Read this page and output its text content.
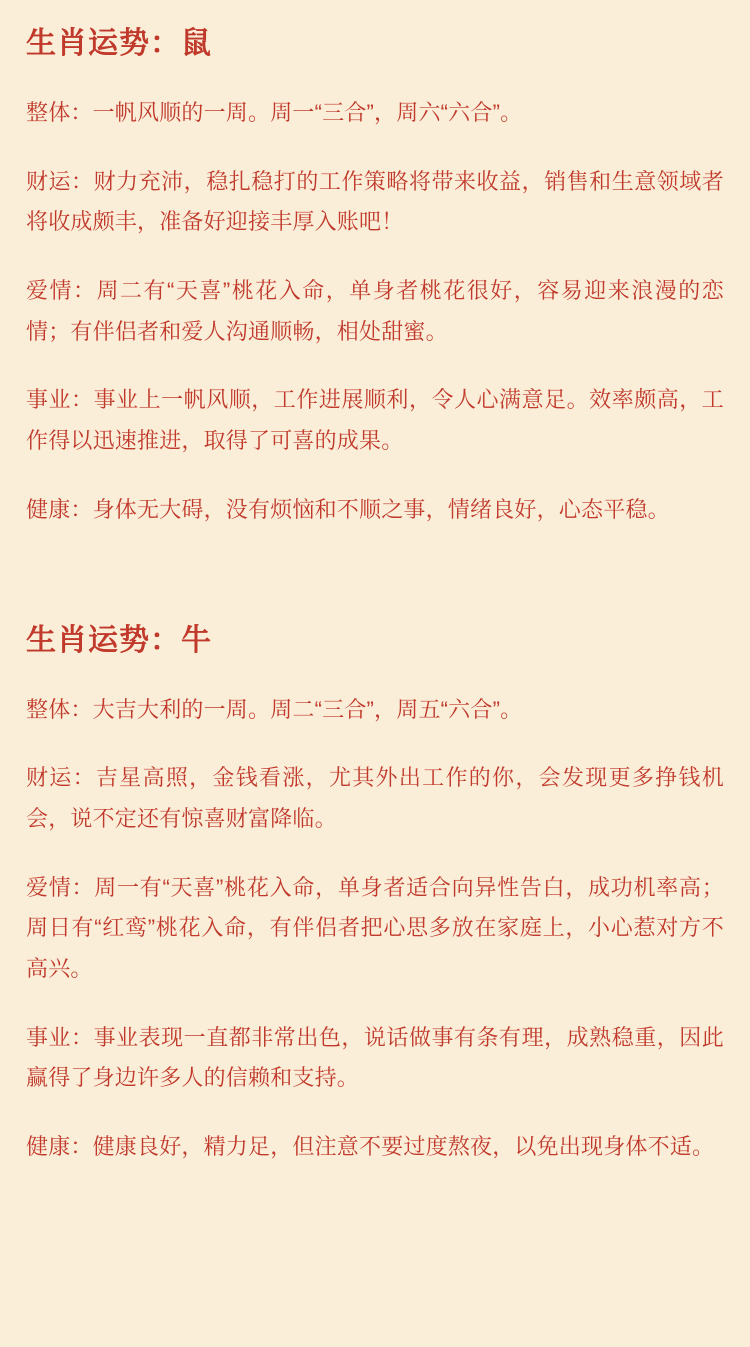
生肖运势：鼠

整体：一帆风顺的一周。周一“三合”，周六“六合”。

财运：财力充沛，稳扎稳打的工作策略将带来收益，销售和生意领域者将收成颇丰，准备好迎接丰厚入账吧！

爱情：周二有“天喜”桃花入命，单身者桃花很好，容易迎来浪漫的恋情；有伴侣者和爱人沟通顺畅，相处甜蜜。

事业：事业上一帆风顺，工作进展顺利，令人心满意足。效率颇高，工作得以迅速推进，取得了可喜的成果。

健康：身体无大碍，没有烦恼和不顺之事，情绪良好，心态平稳。

生肖运势：牛

整体：大吉大利的一周。周二“三合”，周五“六合”。

财运：吉星高照，金钱看涨，尤其外出工作的你，会发现更多挣钱机会，说不定还有惊喜财富降临。

爱情：周一有“天喜”桃花入命，单身者适合向异性告白，成功机率高；周日有“红鸾”桃花入命，有伴侣者把心思多放在家庭上，小心惹对方不高兴。

事业：事业表现一直都非常出色，说话做事有条有理，成熟稳重，因此赢得了身边许多人的信赖和支持。

健康：健康良好，精力足，但注意不要过度熬夜，以免出现身体不适。
